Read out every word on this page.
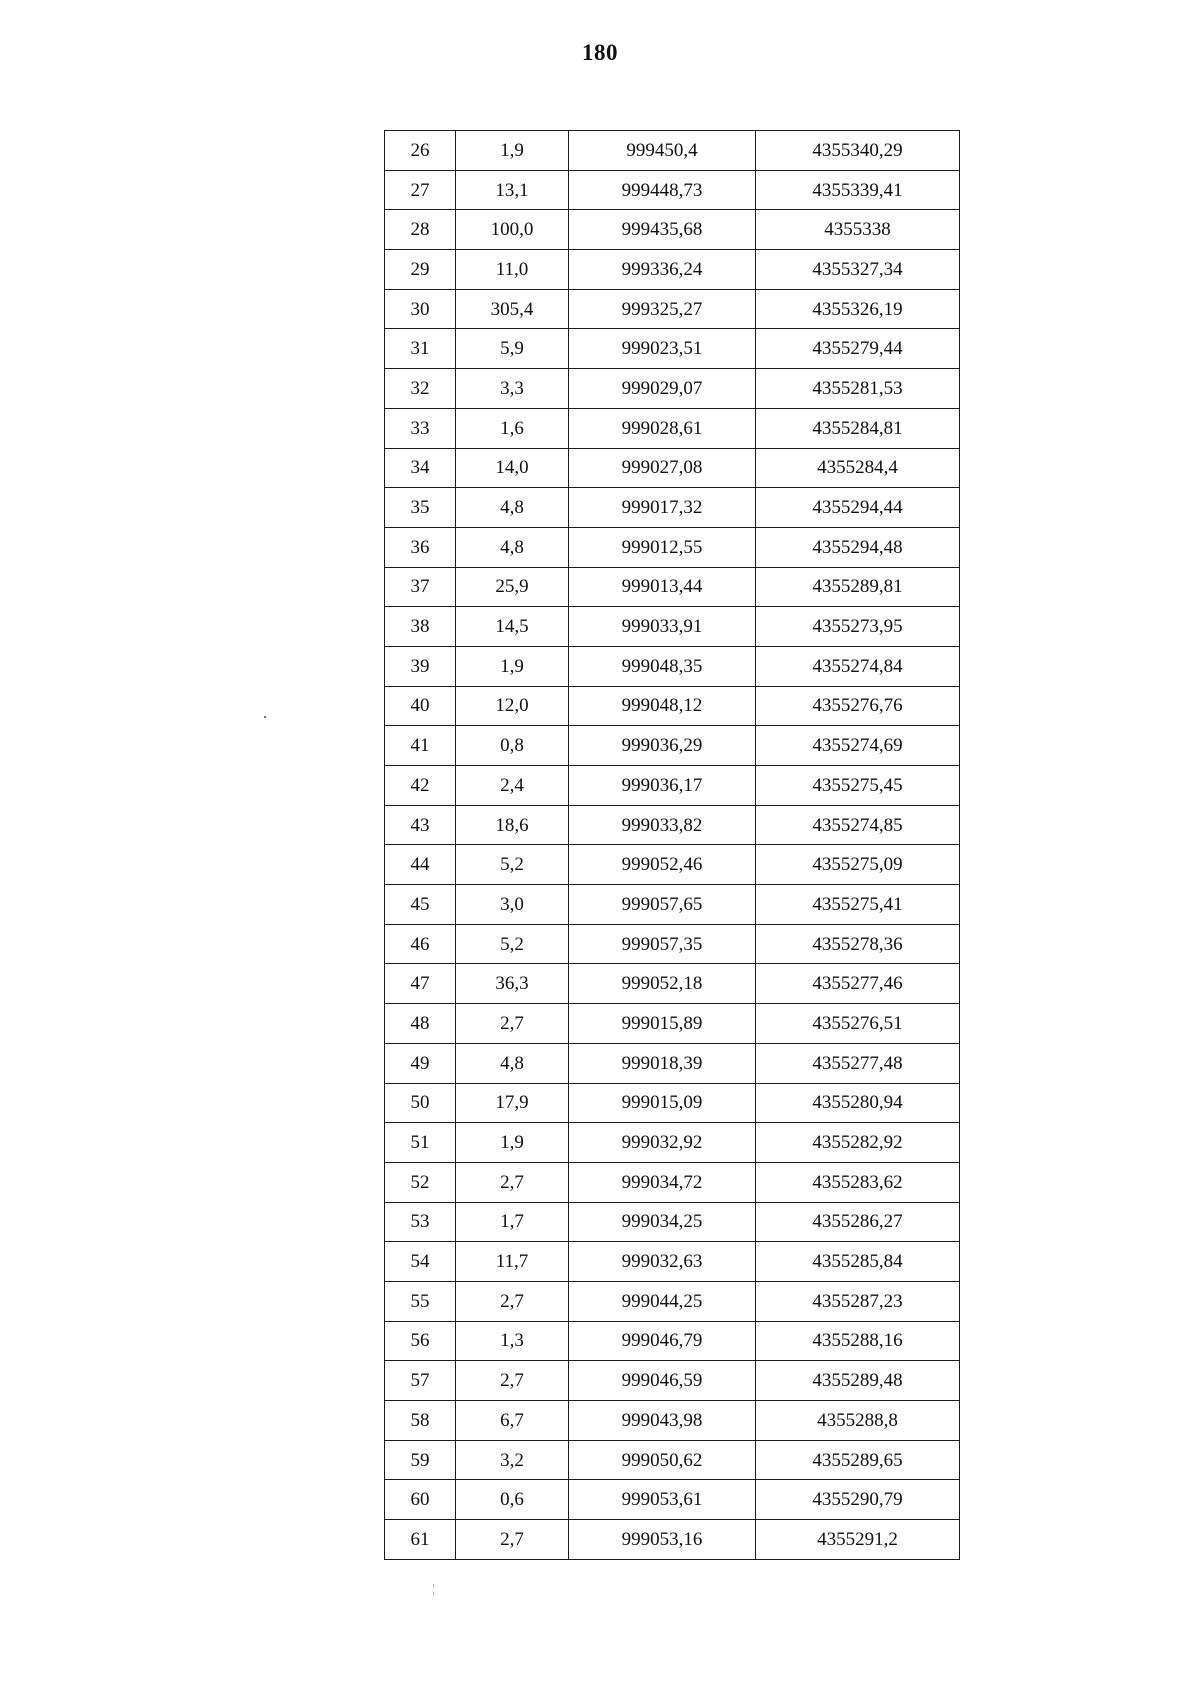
180
26	1,9	999450,4	4355340,29
27	13,1	999448,73	4355339,41
28	100,0	999435,68	4355338
29	11,0	999336,24	4355327,34
30	305,4	999325,27	4355326,19
31	5,9	999023,51	4355279,44
32	3,3	999029,07	4355281,53
33	1,6	999028,61	4355284,81
34	14,0	999027,08	4355284,4
35	4,8	999017,32	4355294,44
36	4,8	999012,55	4355294,48
37	25,9	999013,44	4355289,81
38	14,5	999033,91	4355273,95
39	1,9	999048,35	4355274,84
40	12,0	999048,12	4355276,76
41	0,8	999036,29	4355274,69
42	2,4	999036,17	4355275,45
43	18,6	999033,82	4355274,85
44	5,2	999052,46	4355275,09
45	3,0	999057,65	4355275,41
46	5,2	999057,35	4355278,36
47	36,3	999052,18	4355277,46
48	2,7	999015,89	4355276,51
49	4,8	999018,39	4355277,48
50	17,9	999015,09	4355280,94
51	1,9	999032,92	4355282,92
52	2,7	999034,72	4355283,62
53	1,7	999034,25	4355286,27
54	11,7	999032,63	4355285,84
55	2,7	999044,25	4355287,23
56	1,3	999046,79	4355288,16
57	2,7	999046,59	4355289,48
58	6,7	999043,98	4355288,8
59	3,2	999050,62	4355289,65
60	0,6	999053,61	4355290,79
61	2,7	999053,16	4355291,2
